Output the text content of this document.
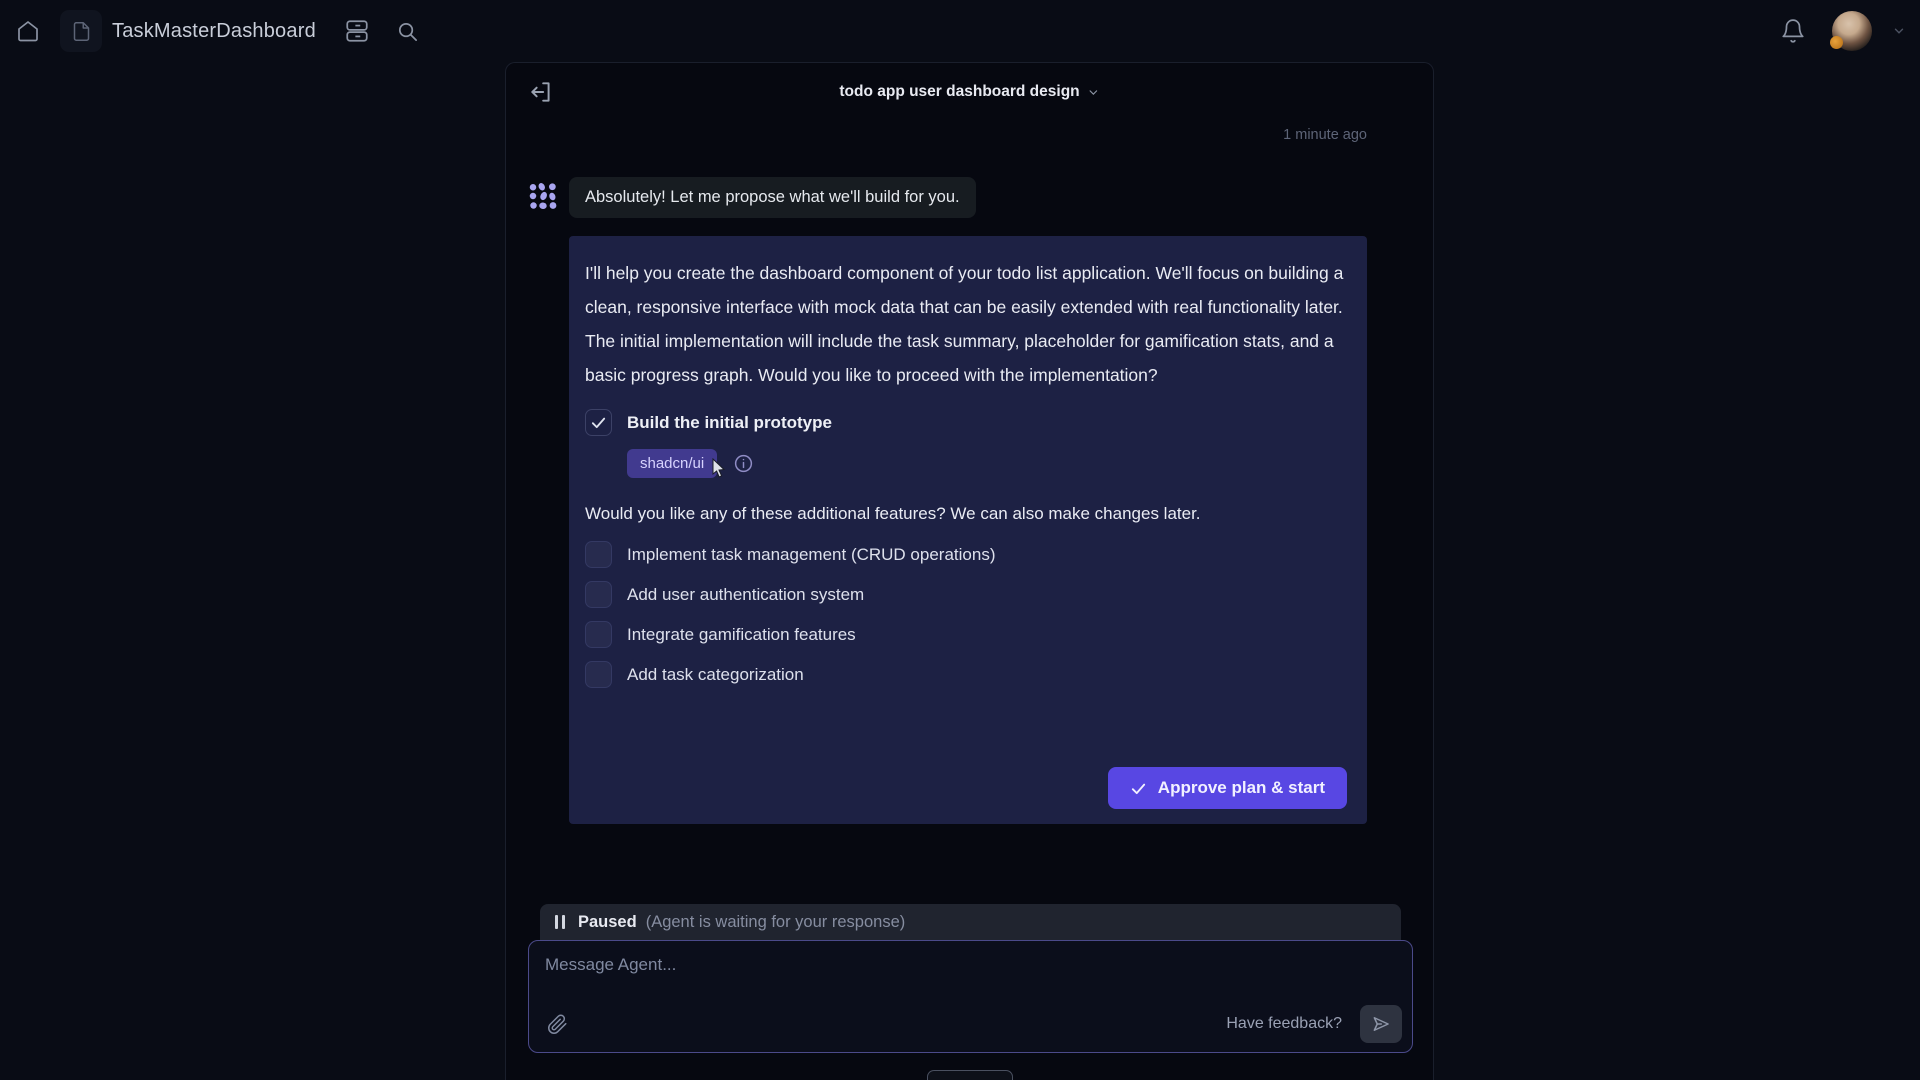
TaskMasterDashboard
todo app user dashboard design
1 minute ago
Absolutely! Let me propose what we'll build for you.

I'll help you create the dashboard component of your todo list application. We'll focus on building a clean, responsive interface with mock data that can be easily extended with real functionality later. The initial implementation will include the task summary, placeholder for gamification stats, and a basic progress graph. Would you like to proceed with the implementation?

Build the initial prototype
shadcn/ui

Would you like any of these additional features? We can also make changes later.

Implement task management (CRUD operations)
Add user authentication system
Integrate gamification features
Add task categorization
Approve plan & start
Paused (Agent is waiting for your response)
Message Agent...
Have feedback?
